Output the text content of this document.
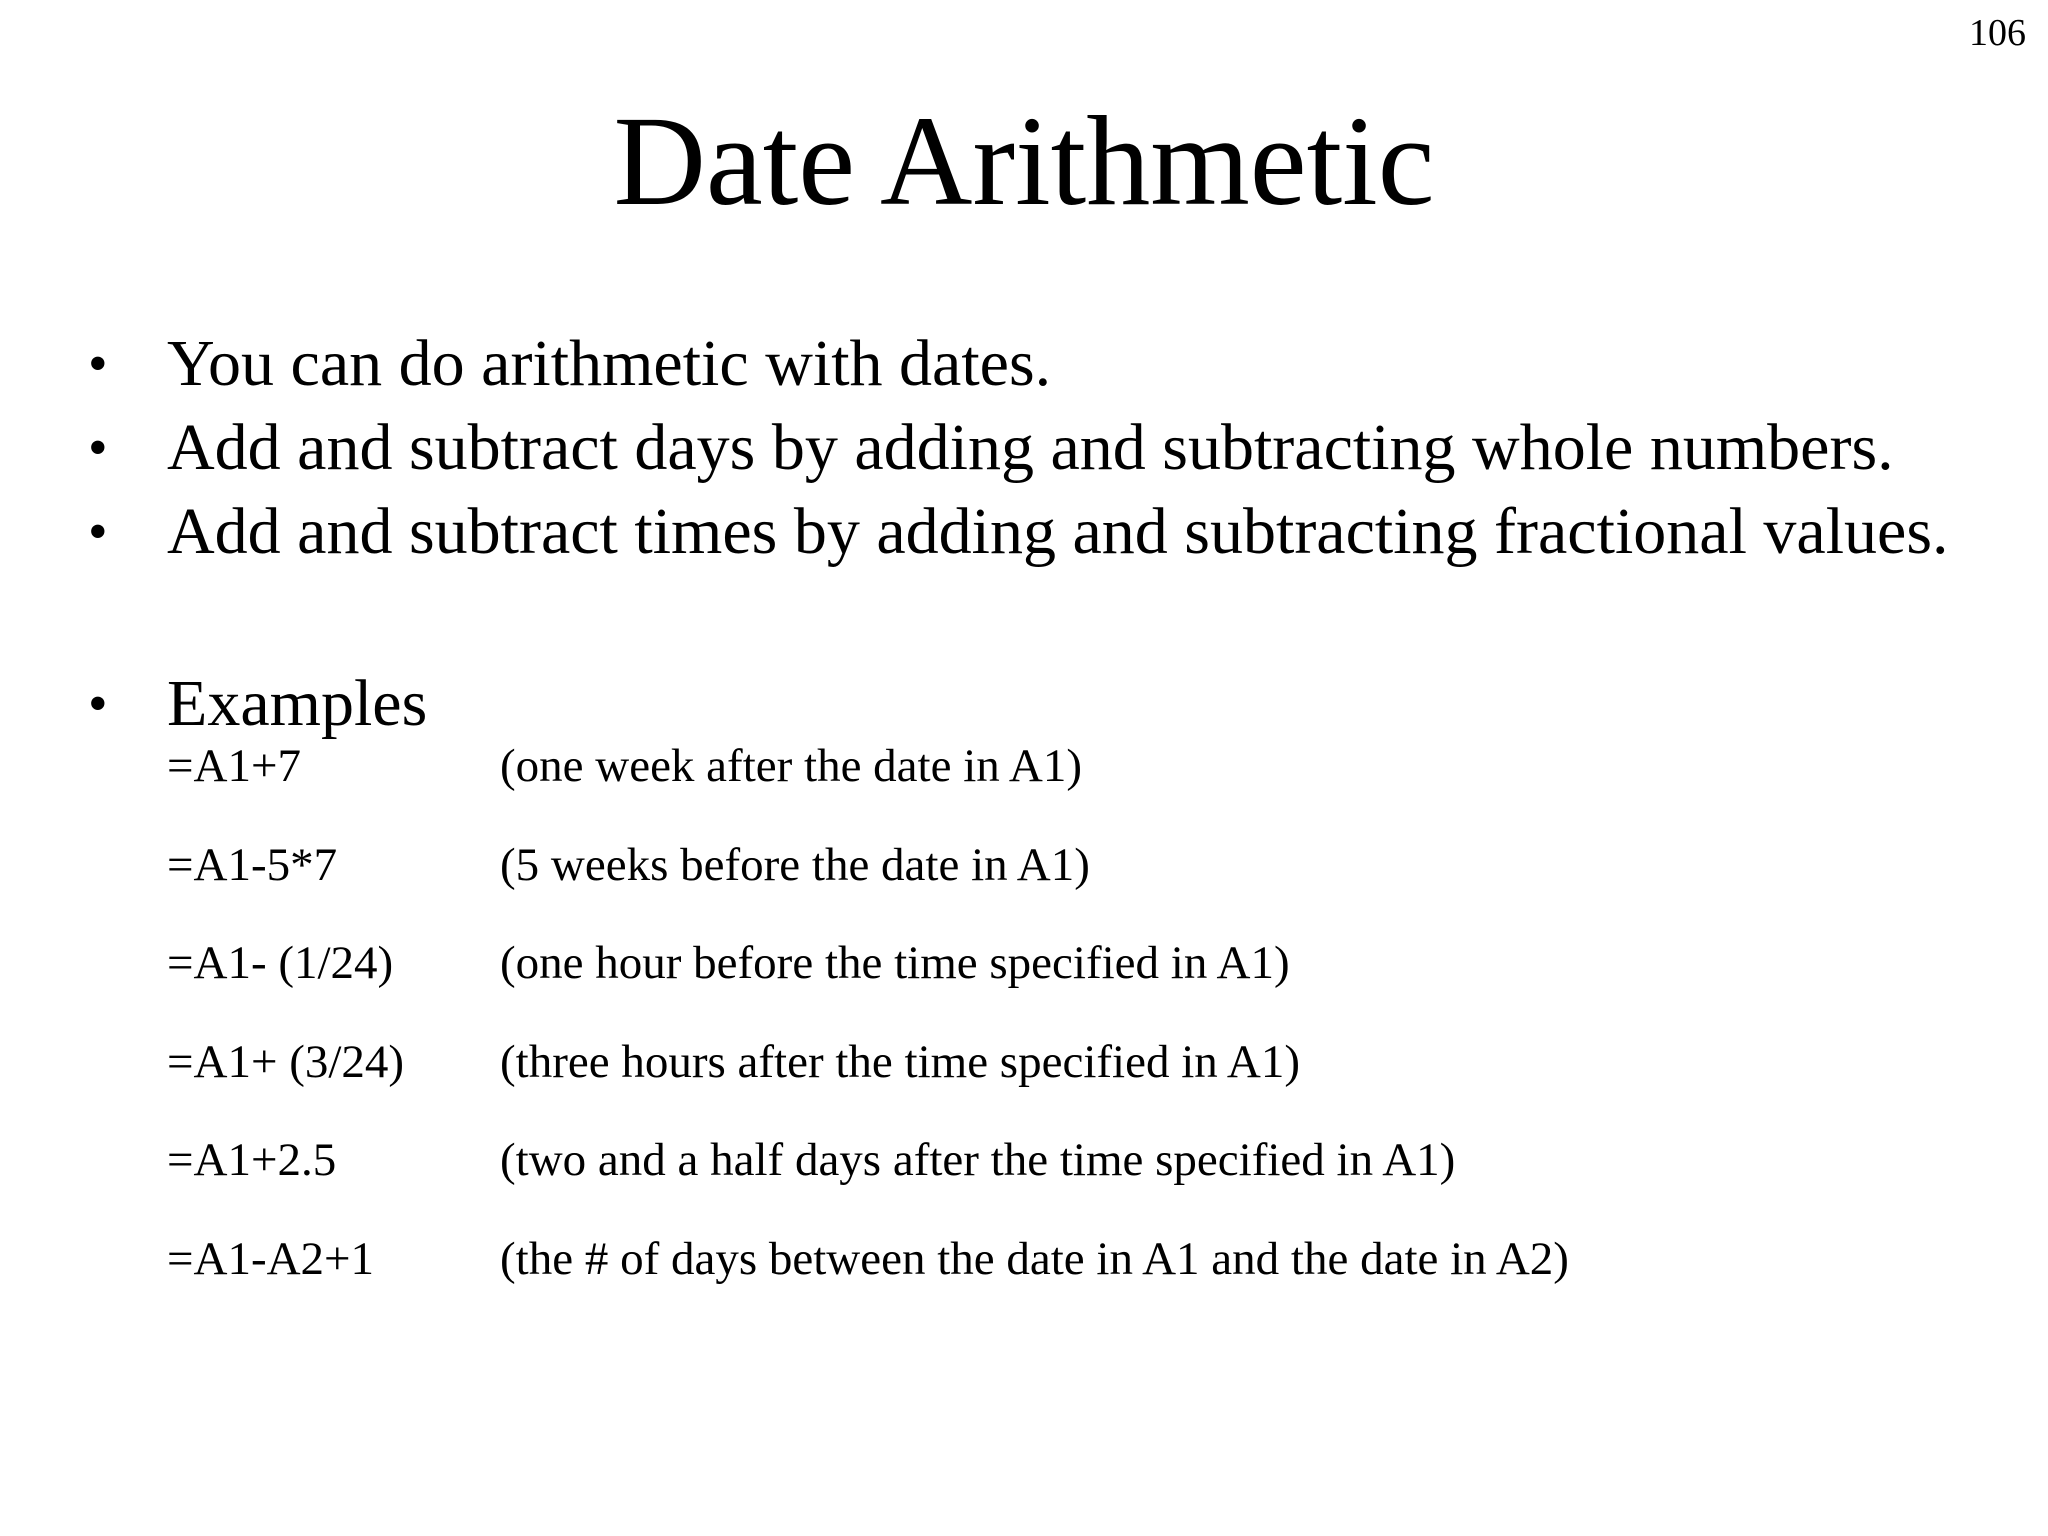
106
Date Arithmetic
• You can do arithmetic with dates.
• Add and subtract days by adding and subtracting whole numbers.
• Add and subtract times by adding and subtracting fractional values.
• Examples
=A1+7	(one week after the date in A1)
=A1-5*7	(5 weeks before the date in A1)
=A1- (1/24) (one hour before the time specified in A1)
=A1+ (3/24) (three hours after the time specified in A1)
=A1+2.5	(two and a half days after the time specified in A1)
=A1-A2+1	(the # of days between the date in A1 and the date in A2)
